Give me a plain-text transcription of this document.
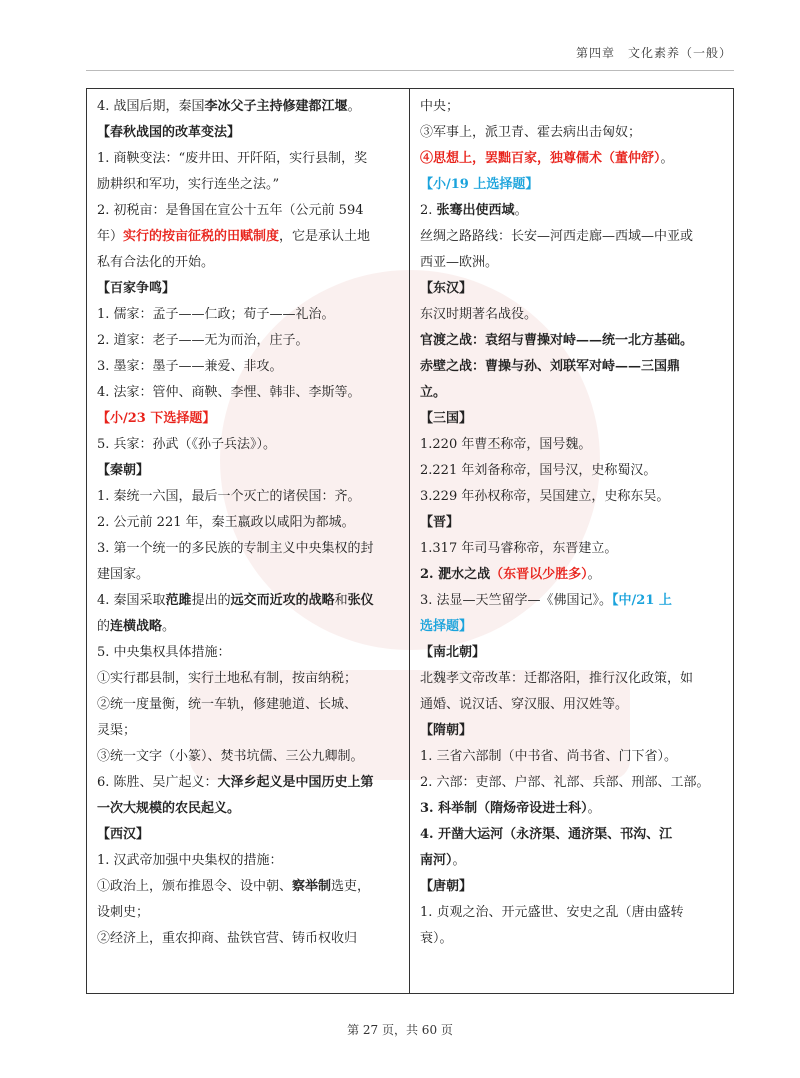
第四章　文化素养（一般）
4. 战国后期，秦国李冰父子主持修建都江堰。
【春秋战国的改革变法】
1. 商鞅变法：“废井田、开阡陌，实行县制，奖
励耕织和军功，实行连坐之法。”
2. 初税亩：是鲁国在宣公十五年（公元前 594
年）实行的按亩征税的田赋制度，它是承认土地
私有合法化的开始。
【百家争鸣】
1. 儒家：孟子——仁政；荀子——礼治。
2. 道家：老子——无为而治，庄子。
3. 墨家：墨子——兼爱、非攻。
4. 法家：管仲、商鞅、李悝、韩非、李斯等。
【小/23 下选择题】
5. 兵家：孙武（《孙子兵法》）。
【秦朝】
1. 秦统一六国，最后一个灭亡的诸侯国：齐。
2. 公元前 221 年，秦王嬴政以咸阳为都城。
3. 第一个统一的多民族的专制主义中央集权的封
建国家。
4. 秦国采取范雎提出的远交而近攻的战略和张仪
的连横战略。
5. 中央集权具体措施：
①实行郡县制，实行土地私有制，按亩纳税；
②统一度量衡，统一车轨，修建驰道、长城、
灵渠；
③统一文字（小篆）、焚书坑儒、三公九卿制。
6. 陈胜、吴广起义：大泽乡起义是中国历史上第
一次大规模的农民起义。
【西汉】
1. 汉武帝加强中央集权的措施：
①政治上，颁布推恩令、设中朝、察举制选吏，
设刺史；
②经济上，重农抑商、盐铁官营、铸币权收归
中央；
③军事上，派卫青、霍去病出击匈奴；
④思想上，罢黜百家，独尊儒术（董仲舒）。
【小/19 上选择题】
2. 张骞出使西域。
丝绸之路路线：长安—河西走廊—西域—中亚或
西亚—欧洲。
【东汉】
东汉时期著名战役。
官渡之战：袁绍与曹操对峙——统一北方基础。
赤壁之战：曹操与孙、刘联军对峙——三国鼎
立。
【三国】
1.220 年曹丕称帝，国号魏。
2.221 年刘备称帝，国号汉，史称蜀汉。
3.229 年孙权称帝，吴国建立，史称东吴。
【晋】
1.317 年司马睿称帝，东晋建立。
2. 淝水之战（东晋以少胜多）。
3. 法显—天竺留学—《佛国记》。【中/21 上
选择题】
【南北朝】
北魏孝文帝改革：迁都洛阳，推行汉化政策，如
通婚、说汉话、穿汉服、用汉姓等。
【隋朝】
1. 三省六部制（中书省、尚书省、门下省）。
2. 六部：吏部、户部、礼部、兵部、刑部、工部。
3. 科举制（隋炀帝设进士科）。
4. 开凿大运河（永济渠、通济渠、邗沟、江
南河）。
【唐朝】
1. 贞观之治、开元盛世、安史之乱（唐由盛转
衰）。
第 27 页，共 60 页
